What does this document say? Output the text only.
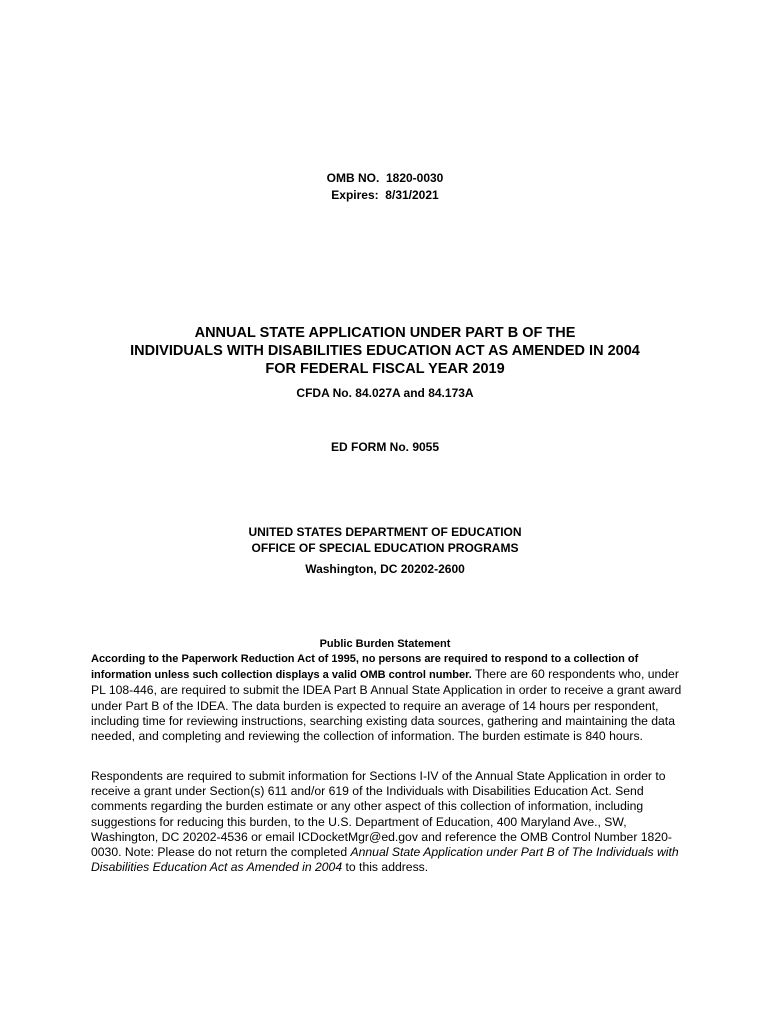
OMB NO.  1820-0030
Expires:  8/31/2021
ANNUAL STATE APPLICATION UNDER PART B OF THE
INDIVIDUALS WITH DISABILITIES EDUCATION ACT AS AMENDED IN 2004
FOR FEDERAL FISCAL YEAR 2019
CFDA No. 84.027A and 84.173A
ED FORM No. 9055
UNITED STATES DEPARTMENT OF EDUCATION
OFFICE OF SPECIAL EDUCATION PROGRAMS
Washington, DC 20202-2600
Public Burden Statement
According to the Paperwork Reduction Act of 1995, no persons are required to respond to a collection of information unless such collection displays a valid OMB control number. There are 60 respondents who, under PL 108-446, are required to submit the IDEA Part B Annual State Application in order to receive a grant award under Part B of the IDEA. The data burden is expected to require an average of 14 hours per respondent, including time for reviewing instructions, searching existing data sources, gathering and maintaining the data needed, and completing and reviewing the collection of information. The burden estimate is 840 hours.
Respondents are required to submit information for Sections I-IV of the Annual State Application in order to receive a grant under Section(s) 611 and/or 619 of the Individuals with Disabilities Education Act. Send comments regarding the burden estimate or any other aspect of this collection of information, including suggestions for reducing this burden, to the U.S. Department of Education, 400 Maryland Ave., SW, Washington, DC 20202-4536 or email ICDocketMgr@ed.gov and reference the OMB Control Number 1820-0030. Note: Please do not return the completed Annual State Application under Part B of The Individuals with Disabilities Education Act as Amended in 2004 to this address.
